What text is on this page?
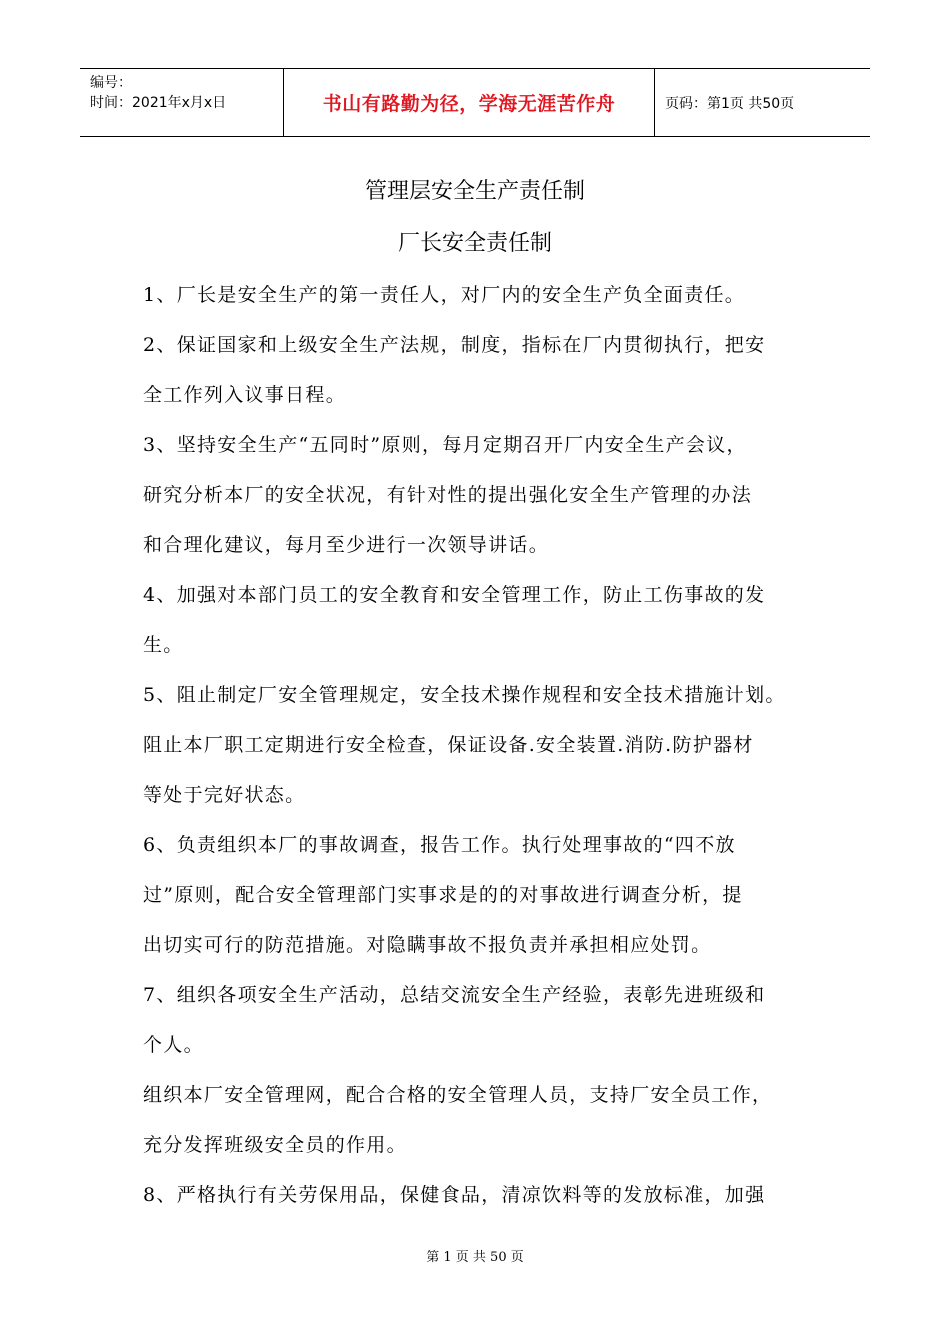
编号：
时间：2021年x月x日	书山有路勤为径，学海无涯苦作舟	页码：第1页 共50页
管理层安全生产责任制
厂长安全责任制

1、厂长是安全生产的第一责任人，对厂内的安全生产负全面责任。

2、保证国家和上级安全生产法规，制度，指标在厂内贯彻执行，把安

全工作列入议事日程。

3、坚持安全生产“五同时”原则，每月定期召开厂内安全生产会议，

研究分析本厂的安全状况，有针对性的提出强化安全生产管理的办法

和合理化建议，每月至少进行一次领导讲话。

4、加强对本部门员工的安全教育和安全管理工作，防止工伤事故的发

生。

5、阻止制定厂安全管理规定，安全技术操作规程和安全技术措施计划。

阻止本厂职工定期进行安全检查，保证设备.安全装置.消防.防护器材

等处于完好状态。

6、负责组织本厂的事故调查，报告工作。执行处理事故的“四不放

过”原则，配合安全管理部门实事求是的的对事故进行调查分析，提

出切实可行的防范措施。对隐瞒事故不报负责并承担相应处罚。

7、组织各项安全生产活动，总结交流安全生产经验，表彰先进班级和

个人。

组织本厂安全管理网，配合合格的安全管理人员，支持厂安全员工作，

充分发挥班级安全员的作用。

8、严格执行有关劳保用品，保健食品，清凉饮料等的发放标准，加强

第 1 页 共 50 页
